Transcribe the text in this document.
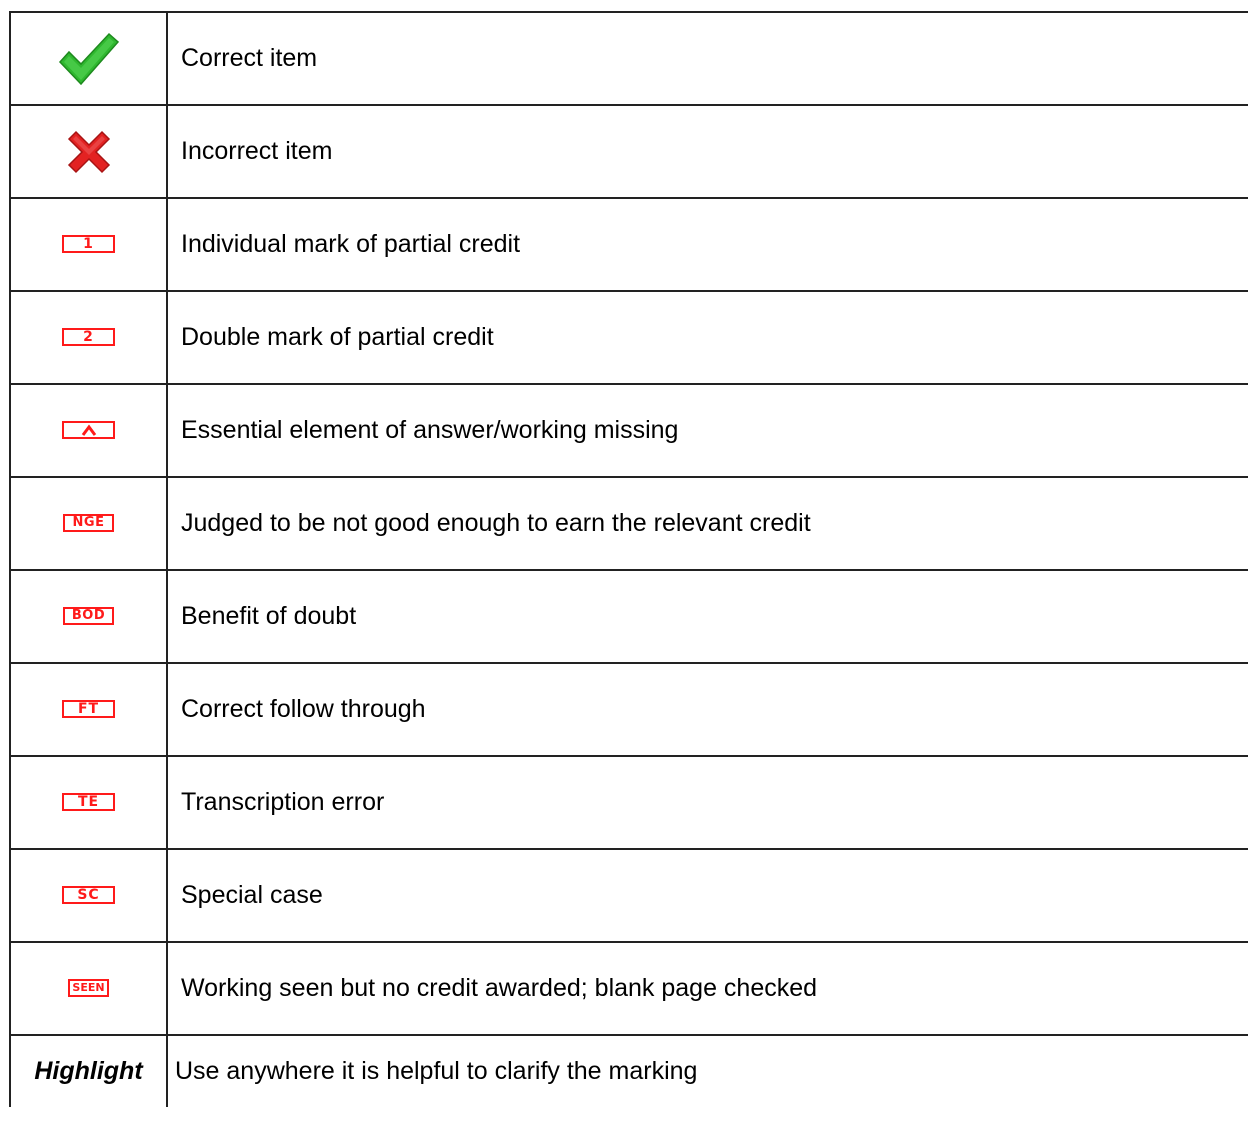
	Correct item

	Incorrect item
1	Individual mark of partial credit
2	Double mark of partial credit
	Essential element of answer/working missing
NGE	Judged to be not good enough to earn the relevant credit
BOD	Benefit of doubt
FT	Correct follow through
TE	Transcription error
SC	Special case
SEEN	Working seen but no credit awarded; blank page checked
Highlight	Use anywhere it is helpful to clarify the marking
